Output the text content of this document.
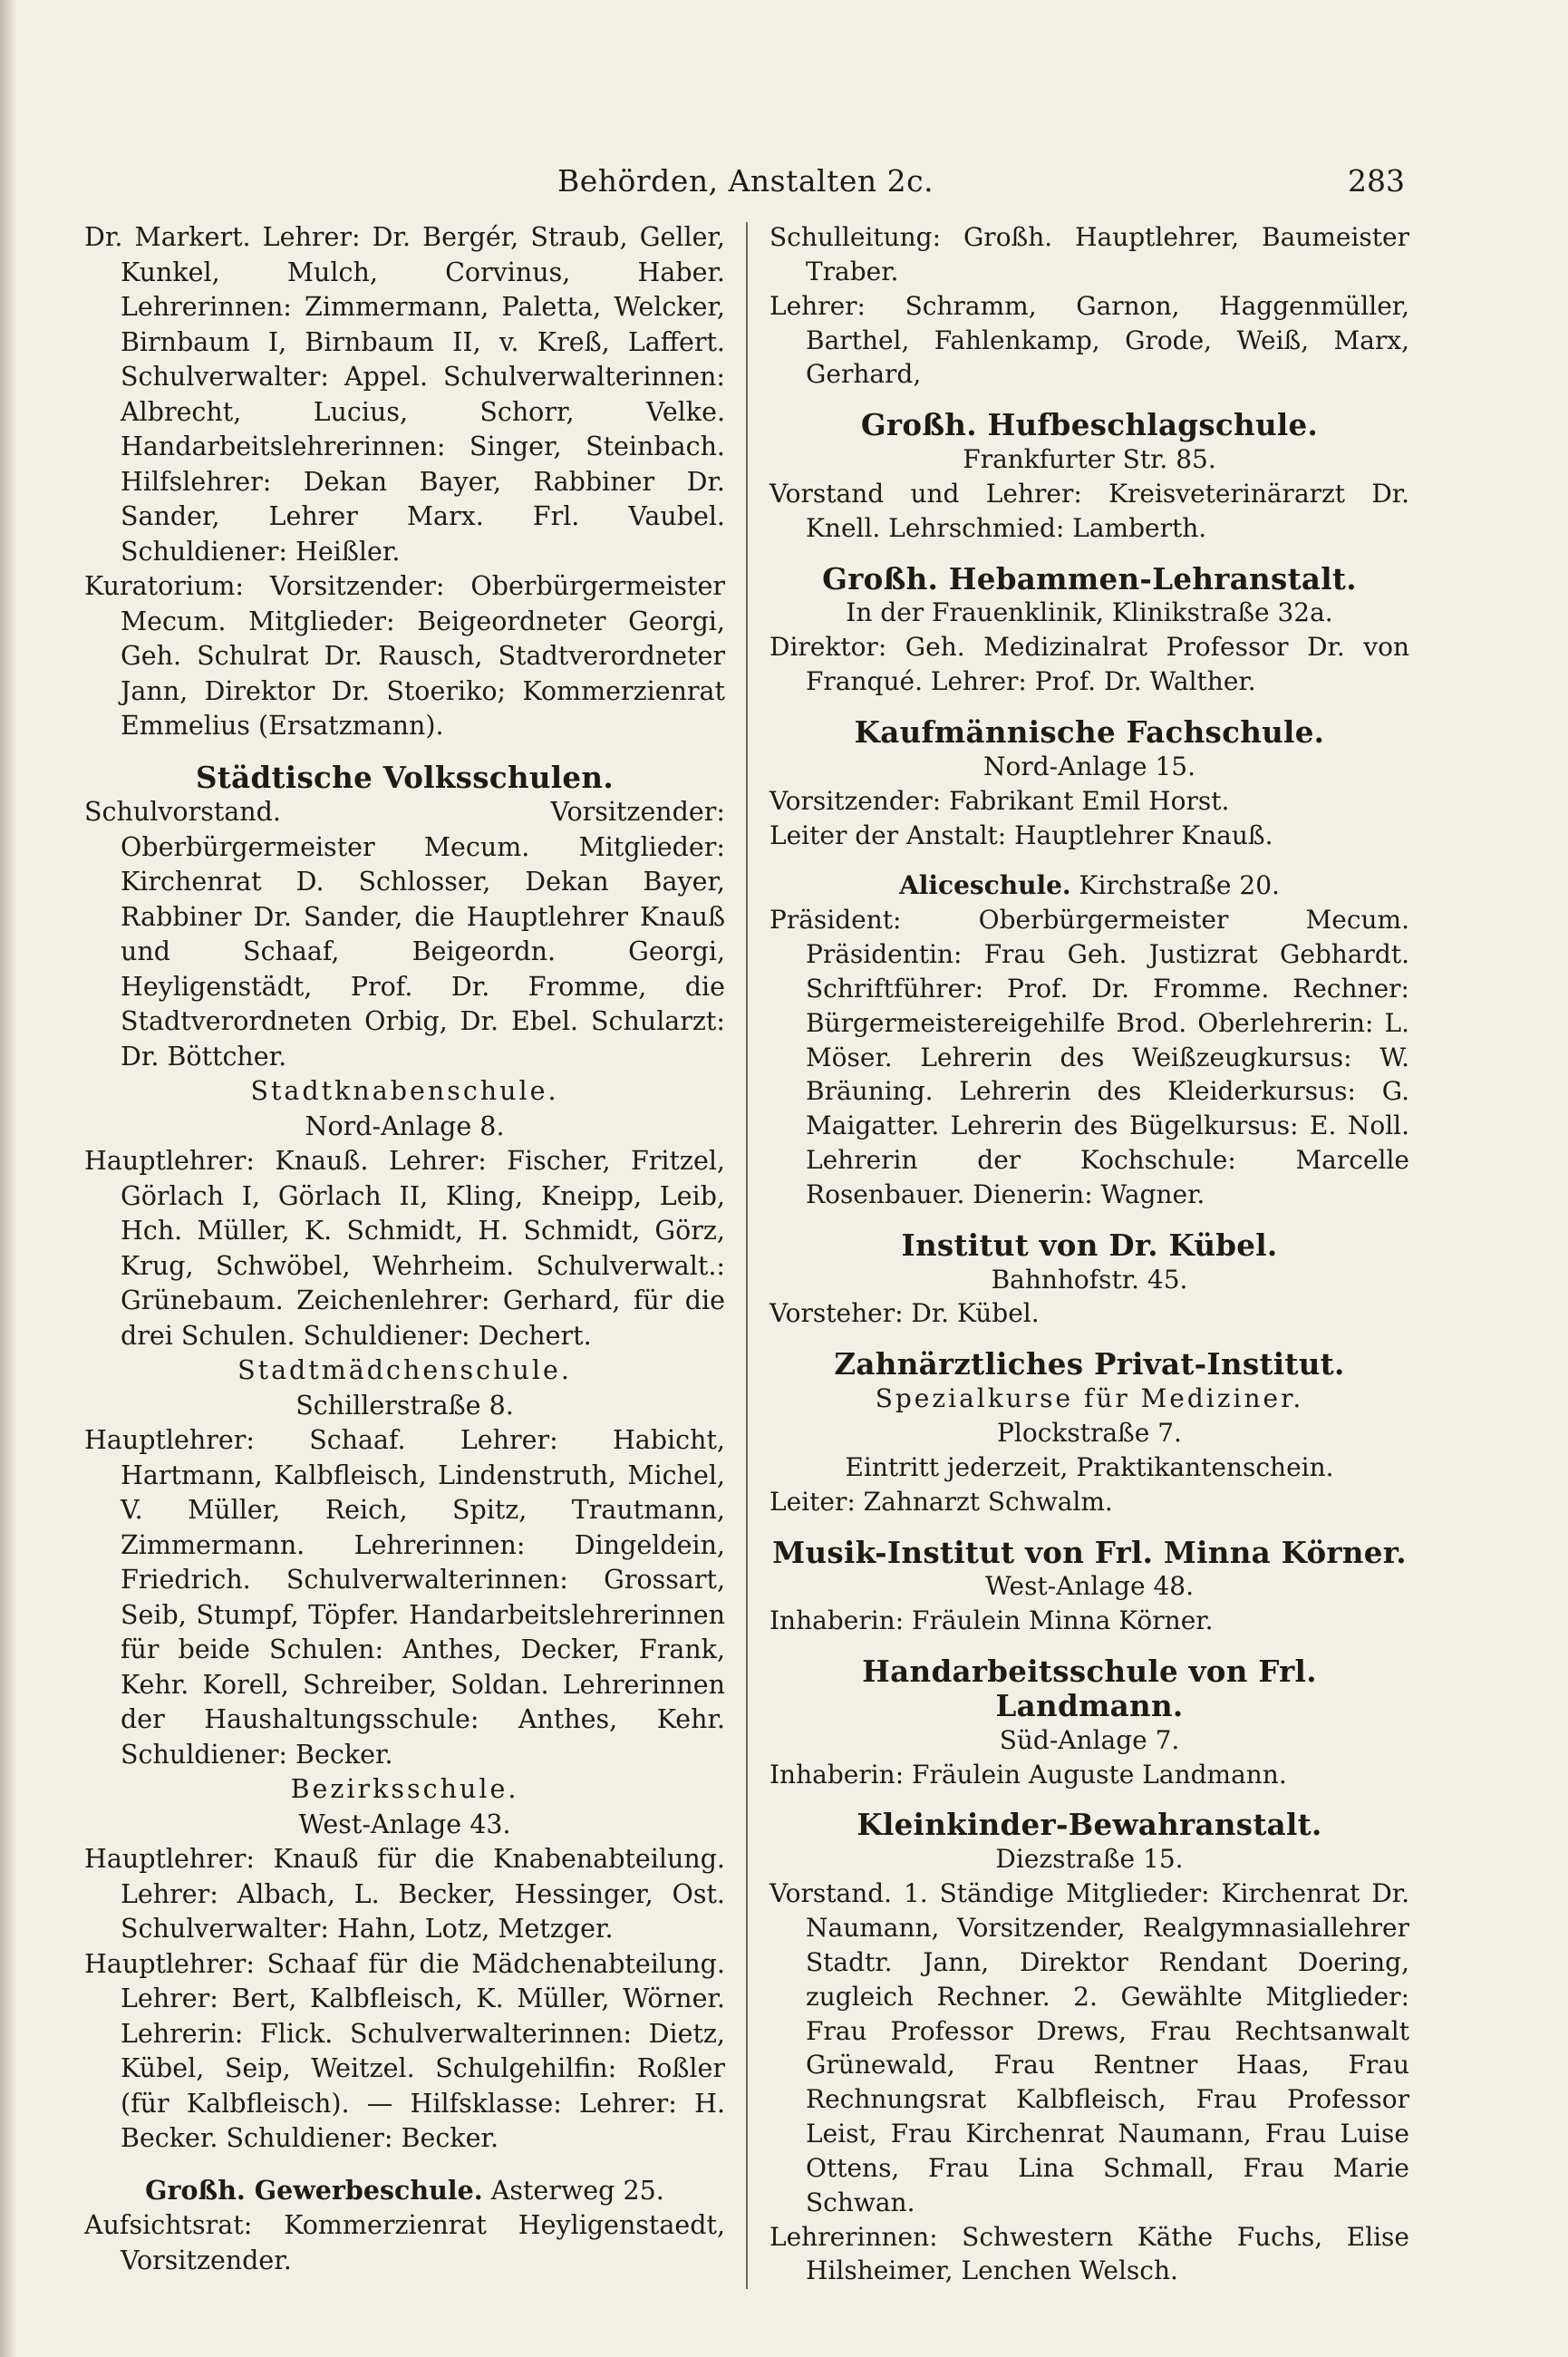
Behörden, Anstalten 2c.	283
Dr. Markert. Lehrer: Dr. Bergér, Straub, Geller, Kunkel, Mulch, Corvinus, Haber. Lehrerinnen: Zimmermann, Paletta, Welcker, Birnbaum I, Birnbaum II, v. Kreß, Laffert. Schulverwalter: Appel. Schulverwalterinnen: Albrecht, Lucius, Schorr, Velke. Handarbeitslehrerinnen: Singer, Steinbach. Hilfslehrer: Dekan Bayer, Rabbiner Dr. Sander, Lehrer Marx. Frl. Vaubel. Schuldiener: Heißler.
Kuratorium: Vorsitzender: Oberbürgermeister Mecum. Mitglieder: Beigeordneter Georgi, Geh. Schulrat Dr. Rausch, Stadtverordneter Jann, Direktor Dr. Stoeriko; Kommerzienrat Emmelius (Ersatzmann).
Städtische Volksschulen.
Schulvorstand. Vorsitzender: Oberbürgermeister Mecum. Mitglieder: Kirchenrat D. Schlosser, Dekan Bayer, Rabbiner Dr. Sander, die Hauptlehrer Knauß und Schaaf, Beigeordn. Georgi, Heyligenstädt, Prof. Dr. Fromme, die Stadtverordneten Orbig, Dr. Ebel. Schularzt: Dr. Böttcher.
Stadtknabenschule.
Nord-Anlage 8.
Hauptlehrer: Knauß. Lehrer: Fischer, Fritzel, Görlach I, Görlach II, Kling, Kneipp, Leib, Hch. Müller, K. Schmidt, H. Schmidt, Görz, Krug, Schwöbel, Wehrheim. Schulverwalt.: Grünebaum. Zeichenlehrer: Gerhard, für die drei Schulen. Schuldiener: Dechert.
Stadtmädchenschule.
Schillerstraße 8.
Hauptlehrer: Schaaf. Lehrer: Habicht, Hartmann, Kalbfleisch, Lindenstruth, Michel, V. Müller, Reich, Spitz, Trautmann, Zimmermann. Lehrerinnen: Dingeldein, Friedrich. Schulverwalterinnen: Grossart, Seib, Stumpf, Töpfer. Handarbeitslehrerinnen für beide Schulen: Anthes, Decker, Frank, Kehr. Korell, Schreiber, Soldan. Lehrerinnen der Haushaltungsschule: Anthes, Kehr. Schuldiener: Becker.
Bezirksschule.
West-Anlage 43.
Hauptlehrer: Knauß für die Knabenabteilung. Lehrer: Albach, L. Becker, Hessinger, Ost. Schulverwalter: Hahn, Lotz, Metzger.
Hauptlehrer: Schaaf für die Mädchenabteilung. Lehrer: Bert, Kalbfleisch, K. Müller, Wörner. Lehrerin: Flick. Schulverwalterinnen: Dietz, Kübel, Seip, Weitzel. Schulgehilfin: Roßler (für Kalbfleisch). — Hilfsklasse: Lehrer: H. Becker. Schuldiener: Becker.
Großh. Gewerbeschule. Asterweg 25.
Aufsichtsrat: Kommerzienrat Heyligenstaedt, Vorsitzender.
Schulleitung: Großh. Hauptlehrer, Baumeister Traber.
Lehrer: Schramm, Garnon, Haggenmüller, Barthel, Fahlenkamp, Grode, Weiß, Marx, Gerhard,
Großh. Hufbeschlagschule.
Frankfurter Str. 85.
Vorstand und Lehrer: Kreisveterinärarzt Dr. Knell. Lehrschmied: Lamberth.
Großh. Hebammen-Lehranstalt.
In der Frauenklinik, Klinikstraße 32a.
Direktor: Geh. Medizinalrat Professor Dr. von Franqué. Lehrer: Prof. Dr. Walther.
Kaufmännische Fachschule.
Nord-Anlage 15.
Vorsitzender: Fabrikant Emil Horst.
Leiter der Anstalt: Hauptlehrer Knauß.
Aliceschule. Kirchstraße 20.
Präsident: Oberbürgermeister Mecum. Präsidentin: Frau Geh. Justizrat Gebhardt. Schriftführer: Prof. Dr. Fromme. Rechner: Bürgermeistereigehilfe Brod. Oberlehrerin: L. Möser. Lehrerin des Weißzeugkursus: W. Bräuning. Lehrerin des Kleiderkursus: G. Maigatter. Lehrerin des Bügelkursus: E. Noll. Lehrerin der Kochschule: Marcelle Rosenbauer. Dienerin: Wagner.
Institut von Dr. Kübel.
Bahnhofstr. 45.
Vorsteher: Dr. Kübel.
Zahnärztliches Privat-Institut.
Spezialkurse für Mediziner.
Plockstraße 7.
Eintritt jederzeit, Praktikantenschein.
Leiter: Zahnarzt Schwalm.
Musik-Institut von Frl. Minna Körner.
West-Anlage 48.
Inhaberin: Fräulein Minna Körner.
Handarbeitsschule von Frl. Landmann.
Süd-Anlage 7.
Inhaberin: Fräulein Auguste Landmann.
Kleinkinder-Bewahranstalt.
Diezstraße 15.
Vorstand. 1. Ständige Mitglieder: Kirchenrat Dr. Naumann, Vorsitzender, Realgymnasiallehrer Stadtr. Jann, Direktor Rendant Doering, zugleich Rechner. 2. Gewählte Mitglieder: Frau Professor Drews, Frau Rechtsanwalt Grünewald, Frau Rentner Haas, Frau Rechnungsrat Kalbfleisch, Frau Professor Leist, Frau Kirchenrat Naumann, Frau Luise Ottens, Frau Lina Schmall, Frau Marie Schwan.
Lehrerinnen: Schwestern Käthe Fuchs, Elise Hilsheimer, Lenchen Welsch.
